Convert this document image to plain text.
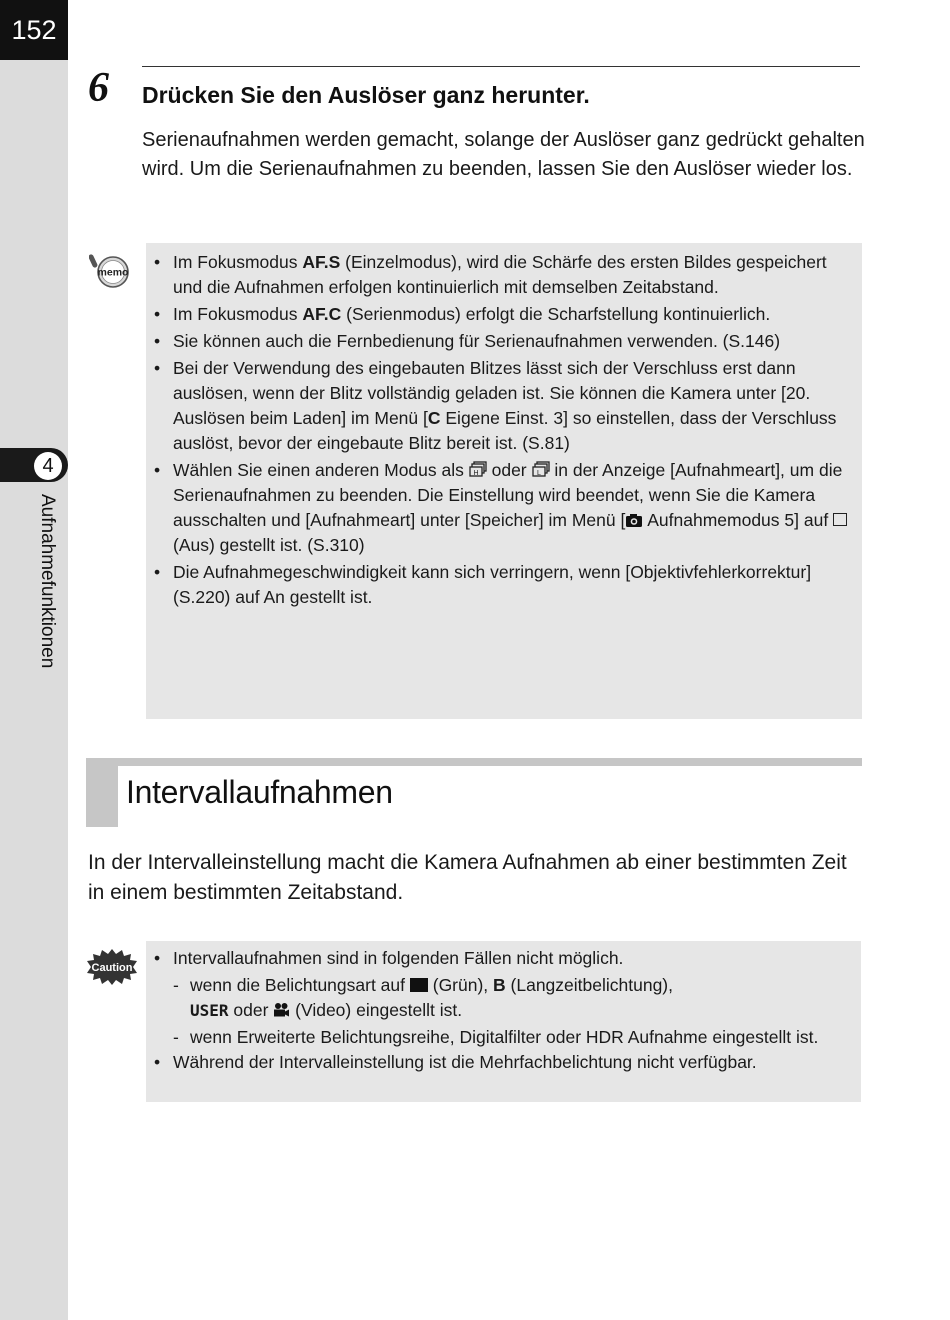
152
4
Aufnahmefunktionen
6 Drücken Sie den Auslöser ganz herunter.

Serienaufnahmen werden gemacht, solange der Auslöser ganz gedrückt gehalten wird. Um die Serienaufnahmen zu beenden, lassen Sie den Auslöser wieder los.

memo
• Im Fokusmodus AF.S (Einzelmodus), wird die Schärfe des ersten Bildes gespeichert und die Aufnahmen erfolgen kontinuierlich mit demselben Zeitabstand.
• Im Fokusmodus AF.C (Serienmodus) erfolgt die Scharfstellung kontinuierlich.
• Sie können auch die Fernbedienung für Serienaufnahmen verwenden. (S.146)
• Bei der Verwendung des eingebauten Blitzes lässt sich der Verschluss erst dann auslösen, wenn der Blitz vollständig geladen ist. Sie können die Kamera unter [20. Auslösen beim Laden] im Menü [C Eigene Einst. 3] so einstellen, dass der Verschluss auslöst, bevor der eingebaute Blitz bereit ist. (S.81)
• Wählen Sie einen anderen Modus als H oder L in der Anzeige [Aufnahmeart], um die Serienaufnahmen zu beenden. Die Einstellung wird beendet, wenn Sie die Kamera ausschalten und [Aufnahmeart] unter [Speicher] im Menü [ Aufnahmemodus 5] auf  (Aus) gestellt ist. (S.310)
• Die Aufnahmegeschwindigkeit kann sich verringern, wenn [Objektivfehlerkorrektur] (S.220) auf An gestellt ist.
Intervallaufnahmen

In der Intervalleinstellung macht die Kamera Aufnahmen ab einer bestimmten Zeit in einem bestimmten Zeitabstand.

Caution • Intervallaufnahmen sind in folgenden Fällen nicht möglich.
- wenn die Belichtungsart auf  (Grün), B (Langzeitbelichtung),
USER oder  (Video) eingestellt ist.
- wenn Erweiterte Belichtungsreihe, Digitalfilter oder HDR Aufnahme eingestellt ist.
• Während der Intervalleinstellung ist die Mehrfachbelichtung nicht verfügbar.
